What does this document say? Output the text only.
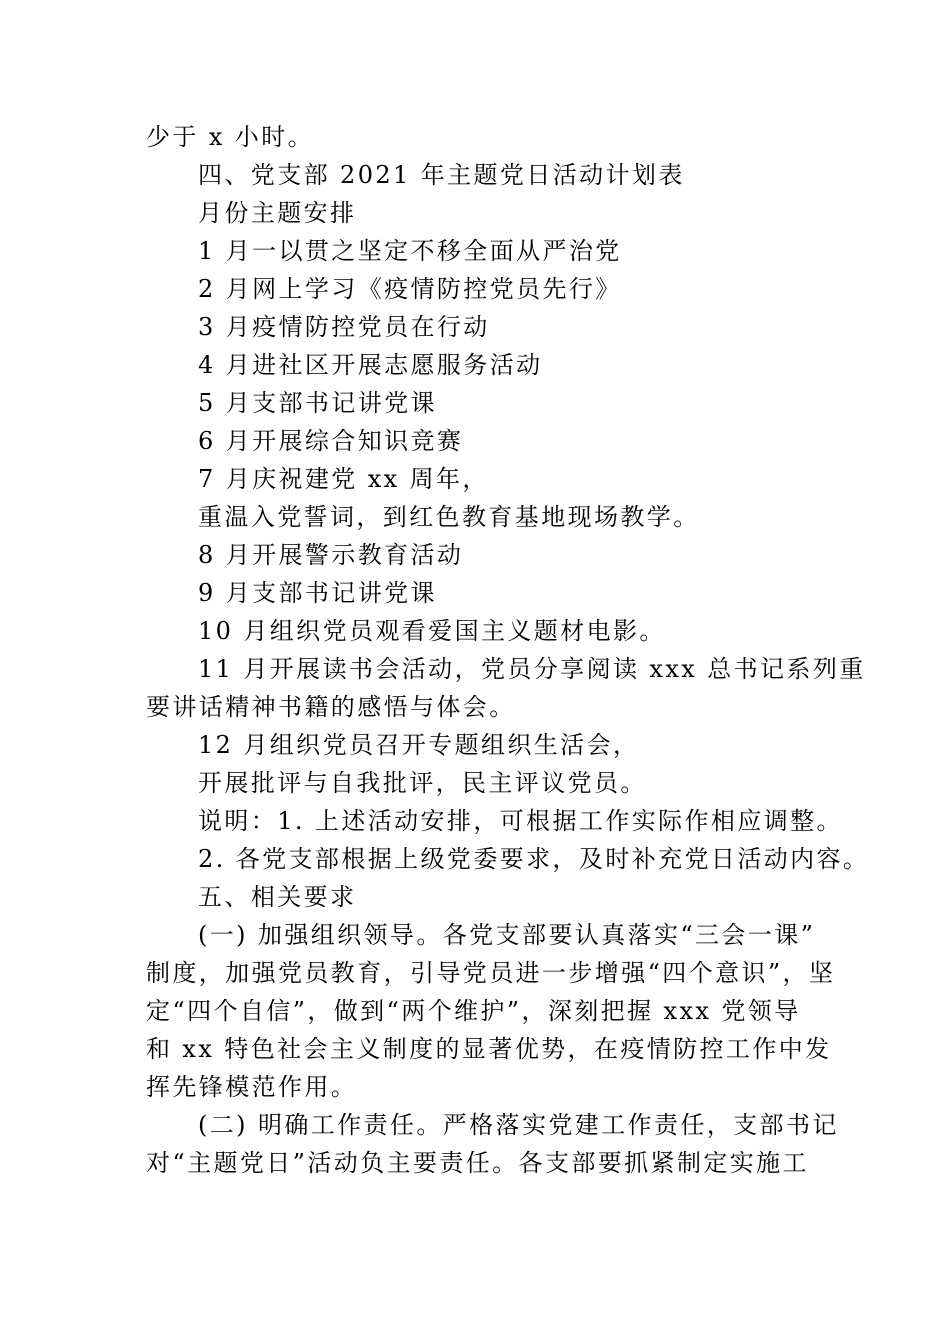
少于 x 小时。
四、党支部 2021 年主题党日活动计划表
月份主题安排
1 月一以贯之坚定不移全面从严治党
2 月网上学习《疫情防控党员先行》
3 月疫情防控党员在行动
4 月进社区开展志愿服务活动
5 月支部书记讲党课
6 月开展综合知识竞赛
7 月庆祝建党 xx 周年，
重温入党誓词，到红色教育基地现场教学。
8 月开展警示教育活动
9 月支部书记讲党课
10 月组织党员观看爱国主义题材电影。
11 月开展读书会活动，党员分享阅读 xxx 总书记系列重
要讲话精神书籍的感悟与体会。
12 月组织党员召开专题组织生活会，
开展批评与自我批评，民主评议党员。
说明：1. 上述活动安排，可根据工作实际作相应调整。
2. 各党支部根据上级党委要求，及时补充党日活动内容。
五、相关要求
(一) 加强组织领导。各党支部要认真落实“三会一课”
制度，加强党员教育，引导党员进一步增强“四个意识”，坚
定“四个自信”，做到“两个维护”，深刻把握 xxx 党领导
和 xx 特色社会主义制度的显著优势，在疫情防控工作中发
挥先锋模范作用。
(二) 明确工作责任。严格落实党建工作责任，支部书记
对“主题党日”活动负主要责任。各支部要抓紧制定实施工
